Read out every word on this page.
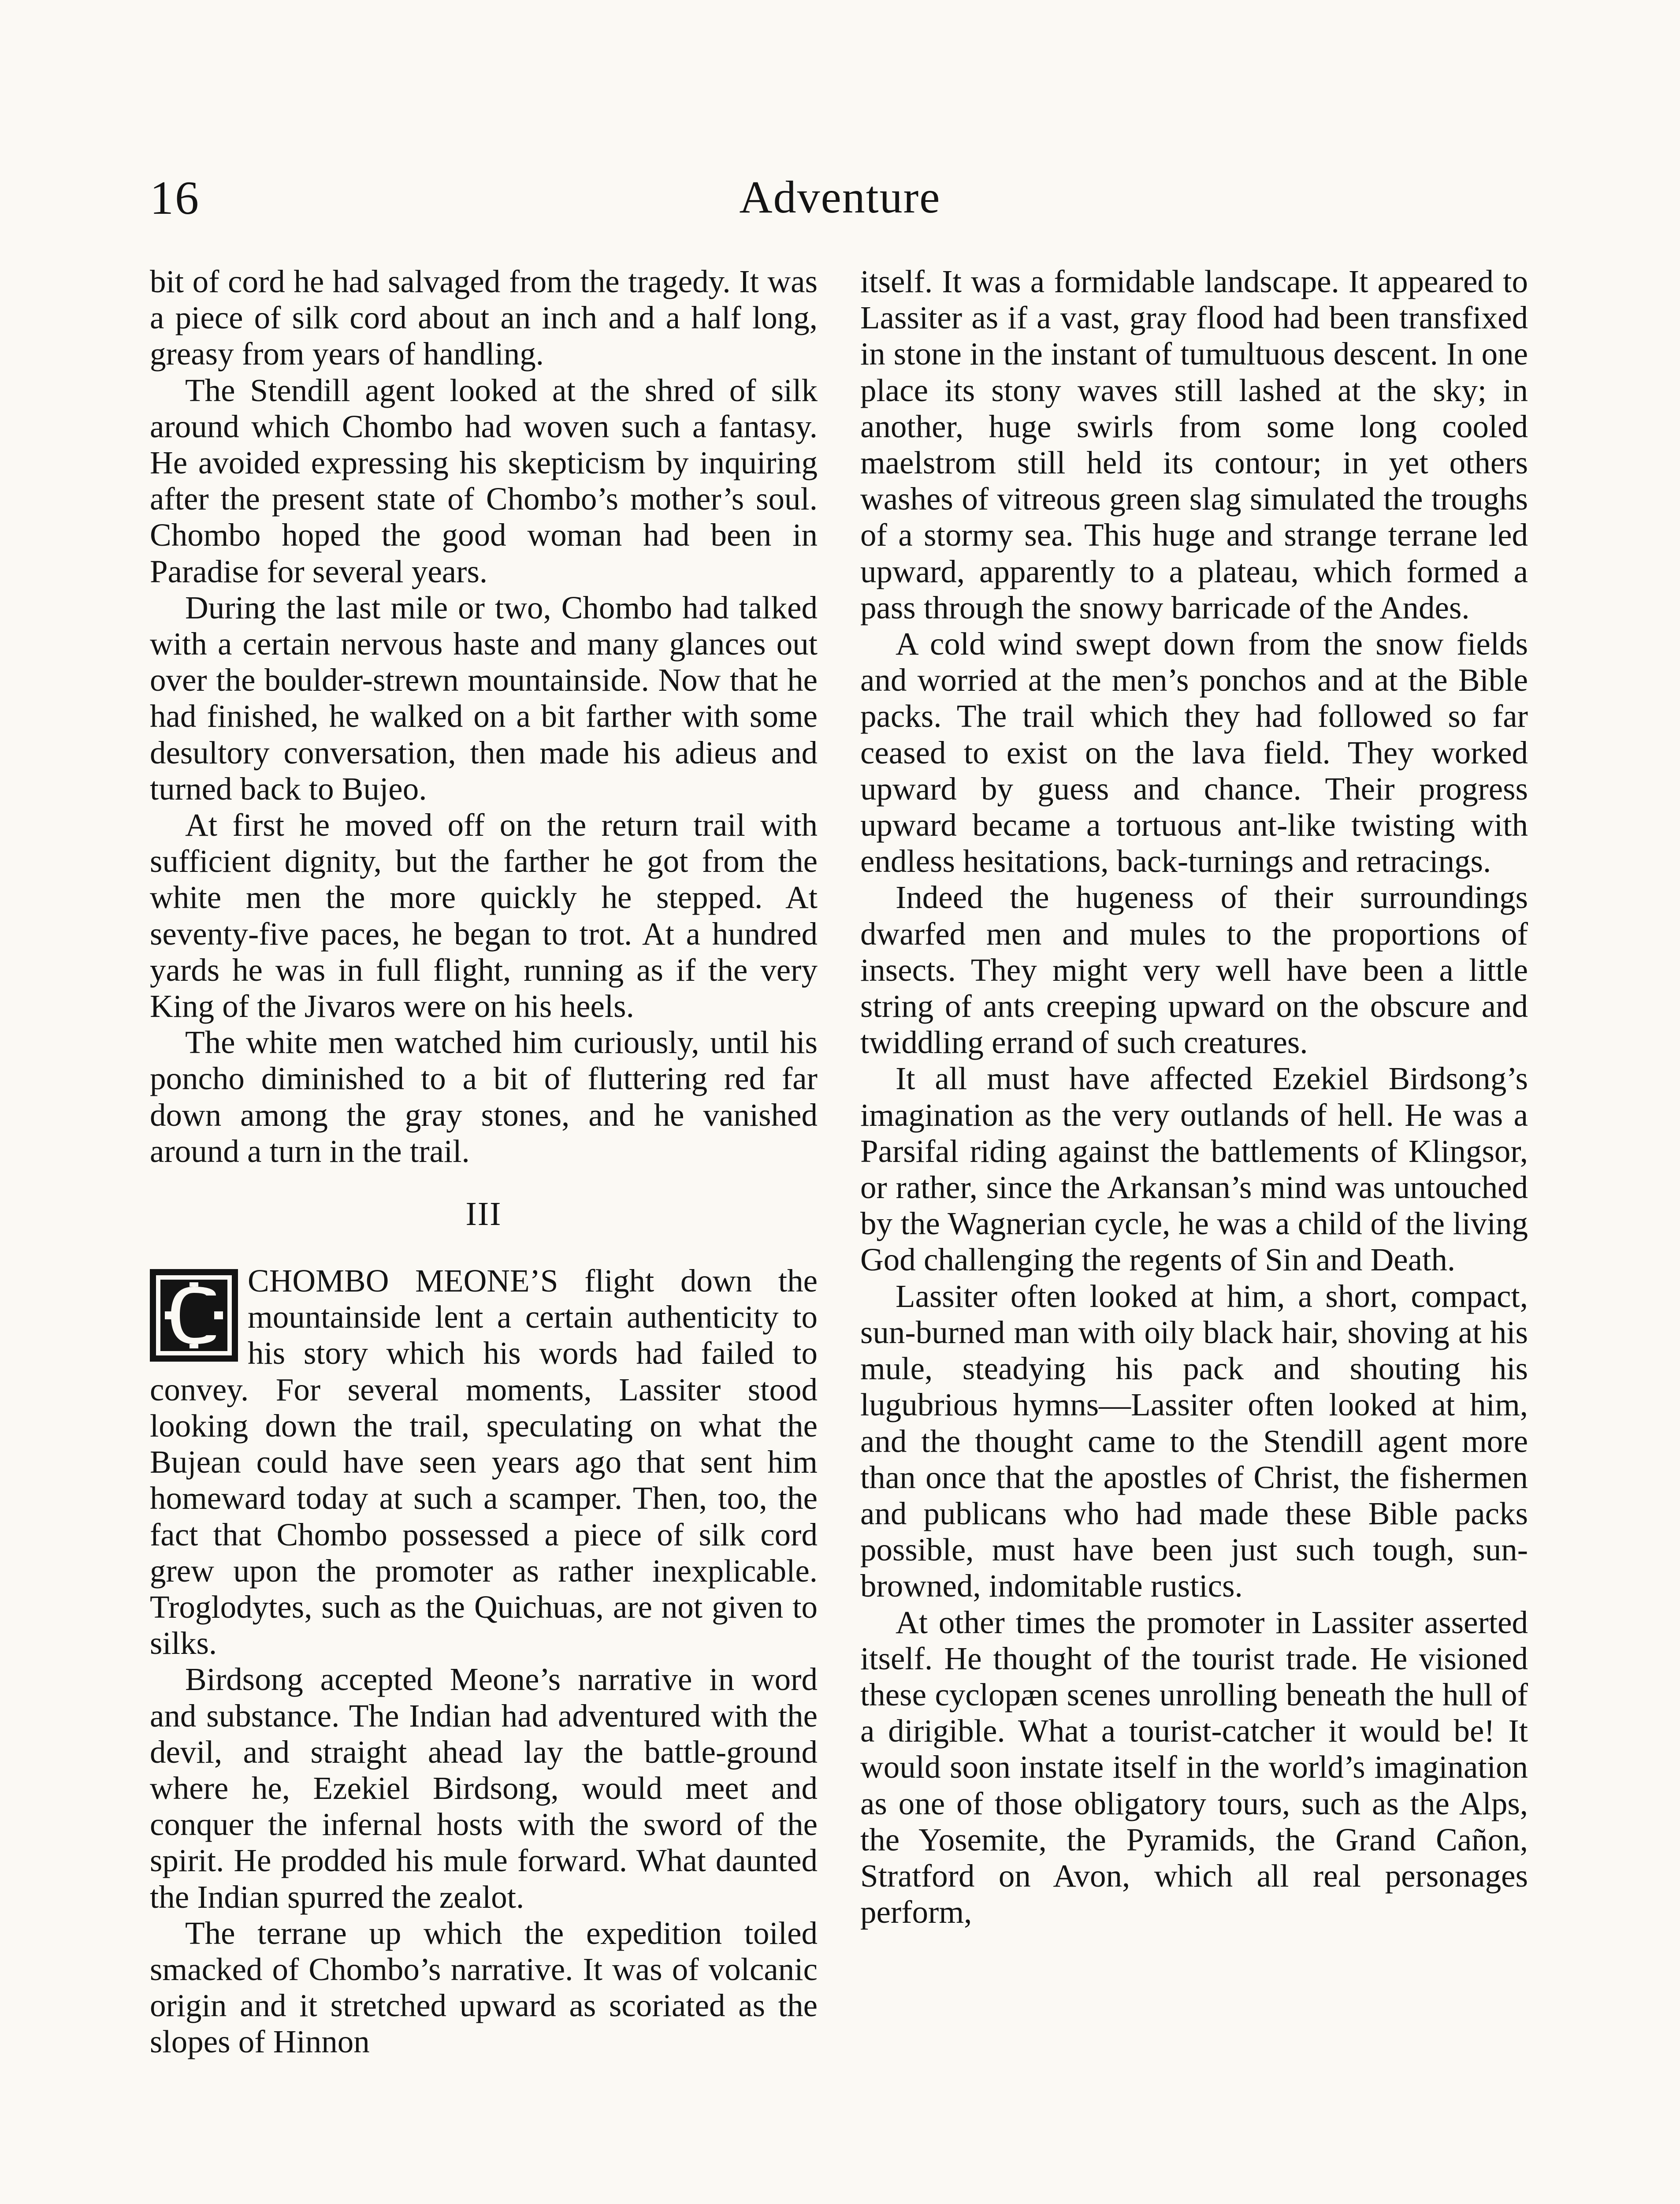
16	Adventure

bit of cord he had salvaged from the tragedy. It was a piece of silk cord about an inch and a half long, greasy from years of handling.

The Stendill agent looked at the shred of silk around which Chombo had woven such a fantasy. He avoided expressing his skepticism by inquiring after the present state of Chombo’s mother’s soul. Chombo hoped the good woman had been in Paradise for several years.

During the last mile or two, Chombo had talked with a certain nervous haste and many glances out over the boulder-strewn mountainside. Now that he had finished, he walked on a bit farther with some desultory conversation, then made his adieus and turned back to Bujeo.

At first he moved off on the return trail with sufficient dignity, but the farther he got from the white men the more quickly he stepped. At seventy-five paces, he began to trot. At a hundred yards he was in full flight, running as if the very King of the Jivaros were on his heels.

The white men watched him curiously, until his poncho diminished to a bit of fluttering red far down among the gray stones, and he vanished around a turn in the trail.

III
CHOMBO MEONE’S flight down the mountainside lent a certain authenticity to his story which his words had failed to convey. For several moments, Lassiter stood looking down the trail, speculating on what the Bujean could have seen years ago that sent him homeward today at such a scamper. Then, too, the fact that Chombo possessed a piece of silk cord grew upon the promoter as rather inexplicable. Troglodytes, such as the Quichuas, are not given to silks.

Birdsong accepted Meone’s narrative in word and substance. The Indian had adventured with the devil, and straight ahead lay the battle-ground where he, Ezekiel Birdsong, would meet and conquer the infernal hosts with the sword of the spirit. He prodded his mule forward. What daunted the Indian spurred the zealot.

The terrane up which the expedition toiled smacked of Chombo’s narrative. It was of volcanic origin and it stretched upward as scoriated as the slopes of Hinnon

itself. It was a formidable landscape. It appeared to Lassiter as if a vast, gray flood had been transfixed in stone in the instant of tumultuous descent. In one place its stony waves still lashed at the sky; in another, huge swirls from some long cooled maelstrom still held its contour; in yet others washes of vitreous green slag simulated the troughs of a stormy sea. This huge and strange terrane led upward, apparently to a plateau, which formed a pass through the snowy barricade of the Andes.

A cold wind swept down from the snow fields and worried at the men’s ponchos and at the Bible packs. The trail which they had followed so far ceased to exist on the lava field. They worked upward by guess and chance. Their progress upward became a tortuous ant-like twisting with endless hesitations, back-turnings and retracings.

Indeed the hugeness of their surroundings dwarfed men and mules to the proportions of insects. They might very well have been a little string of ants creeping upward on the obscure and twiddling errand of such creatures.

It all must have affected Ezekiel Birdsong’s imagination as the very outlands of hell. He was a Parsifal riding against the battlements of Klingsor, or rather, since the Arkansan’s mind was untouched by the Wagnerian cycle, he was a child of the living God challenging the regents of Sin and Death.

Lassiter often looked at him, a short, compact, sun-burned man with oily black hair, shoving at his mule, steadying his pack and shouting his lugubrious hymns—Lassiter often looked at him, and the thought came to the Stendill agent more than once that the apostles of Christ, the fishermen and publicans who had made these Bible packs possible, must have been just such tough, sun-browned, indomitable rustics.

At other times the promoter in Lassiter asserted itself. He thought of the tourist trade. He visioned these cyclopæn scenes unrolling beneath the hull of a dirigible. What a tourist-catcher it would be! It would soon instate itself in the world’s imagination as one of those obligatory tours, such as the Alps, the Yosemite, the Pyramids, the Grand Cañon, Stratford on Avon, which all real personages perform,
